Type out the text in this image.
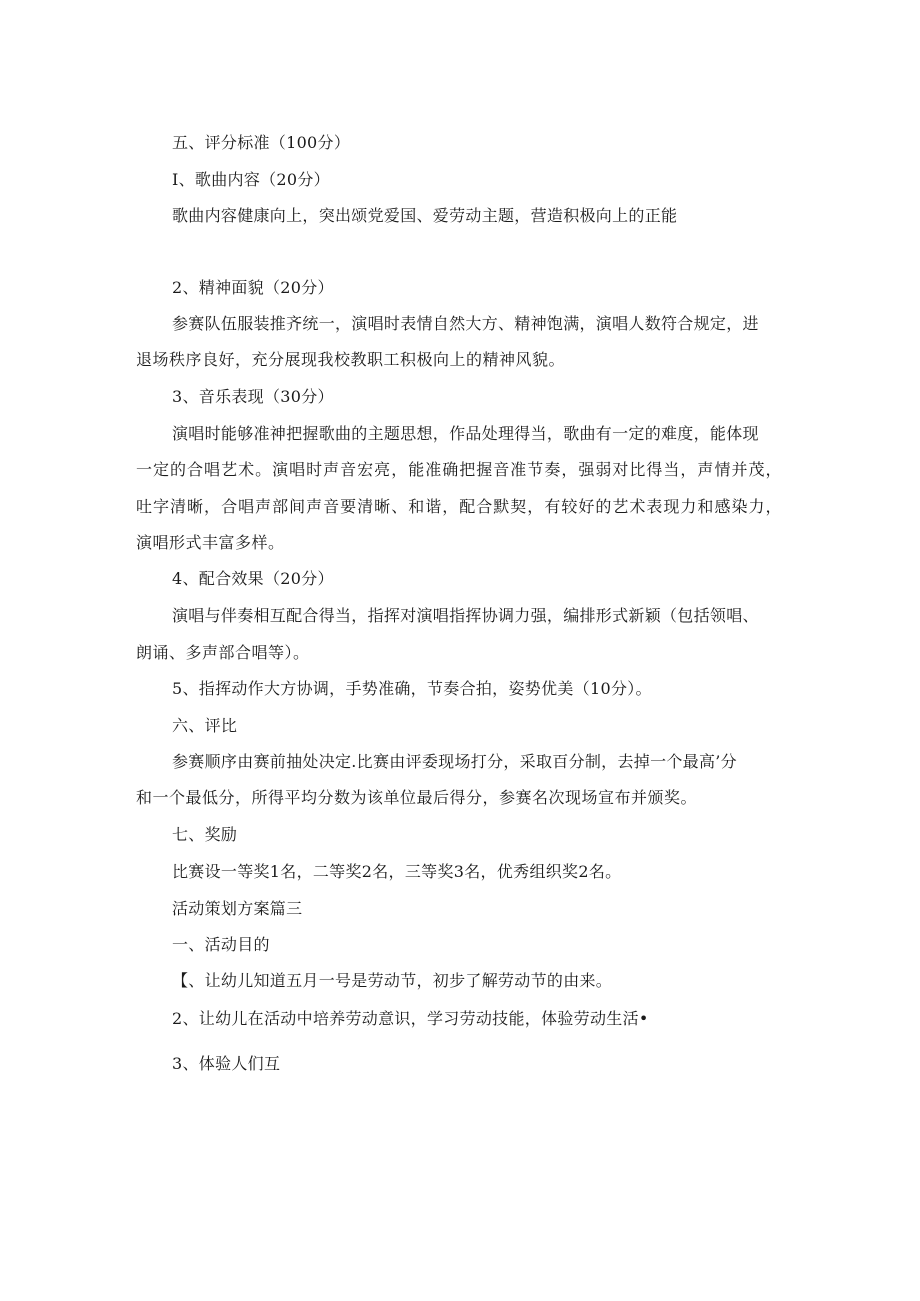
五、评分标准（100分）
I、歌曲内容（20分）
歌曲内容健康向上，突出颂党爱国、爱劳动主题，营造积极向上的正能
2、精神面貌（20分）
参赛队伍服装推齐统一，演唱时表情自然大方、精神饱满，演唱人数符合规定，进
退场秩序良好，充分展现我校教职工积极向上的精神风貌。
3、音乐表现（30分）
演唱时能够准神把握歌曲的主题思想，作品处理得当，歌曲有一定的难度，能体现
一定的合唱艺术。演唱时声音宏亮，能准确把握音准节奏，强弱对比得当，声情并茂，
吐字清晰，合唱声部间声音要清晰、和谐，配合默契，有较好的艺术表现力和感染力，
演唱形式丰富多样。
4、配合效果（20分）
演唱与伴奏相互配合得当，指挥对演唱指挥协调力强，编排形式新颖（包括领唱、
朗诵、多声部合唱等）。
5、指挥动作大方协调，手势准确，节奏合拍，姿势优美（10分）。
六、评比
参赛顺序由赛前抽处决定.比赛由评委现场打分，采取百分制，去掉一个最高’分
和一个最低分，所得平均分数为该单位最后得分，参赛名次现场宣布并颁奖。
七、奖励
比赛设一等奖1名，二等奖2名，三等奖3名，优秀组织奖2名。
活动策划方案篇三
一、活动目的
【、让幼儿知道五月一号是劳动节，初步了解劳动节的由来。
2、让幼儿在活动中培养劳动意识，学习劳动技能，体验劳动生活•
3、体验人们互
